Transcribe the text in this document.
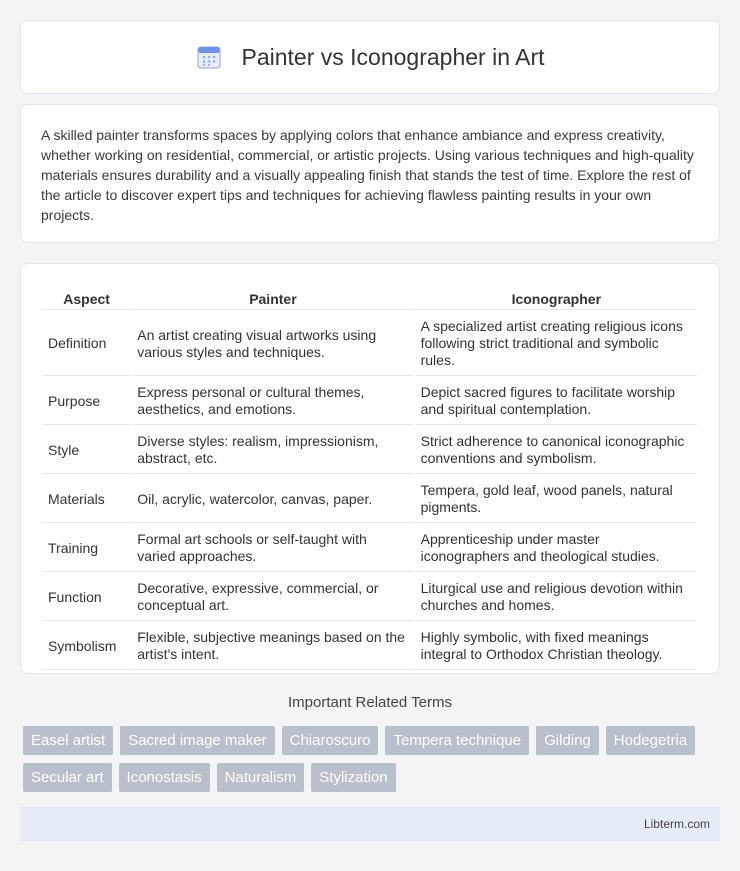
Painter vs Iconographer in Art

A skilled painter transforms spaces by applying colors that enhance ambiance and express creativity, whether working on residential, commercial, or artistic projects. Using various techniques and high-quality materials ensures durability and a visually appealing finish that stands the test of time. Explore the rest of the article to discover expert tips and techniques for achieving flawless painting results in your own projects.

Aspect	Painter	Iconographer
Definition	An artist creating visual artworks using various styles and techniques.	A specialized artist creating religious icons following strict traditional and symbolic rules.
Purpose	Express personal or cultural themes, aesthetics, and emotions.	Depict sacred figures to facilitate worship and spiritual contemplation.
Style	Diverse styles: realism, impressionism, abstract, etc.	Strict adherence to canonical iconographic conventions and symbolism.
Materials	Oil, acrylic, watercolor, canvas, paper.	Tempera, gold leaf, wood panels, natural pigments.
Training	Formal art schools or self-taught with varied approaches.	Apprenticeship under master iconographers and theological studies.
Function	Decorative, expressive, commercial, or conceptual art.	Liturgical use and religious devotion within churches and homes.
Symbolism	Flexible, subjective meanings based on the artist's intent.	Highly symbolic, with fixed meanings integral to Orthodox Christian theology.
Important Related Terms
Easel artist	Sacred image maker	Chiaroscuro	Tempera technique	Gilding	Hodegetria
Secular art	Iconostasis	Naturalism	Stylization
Libterm.com
